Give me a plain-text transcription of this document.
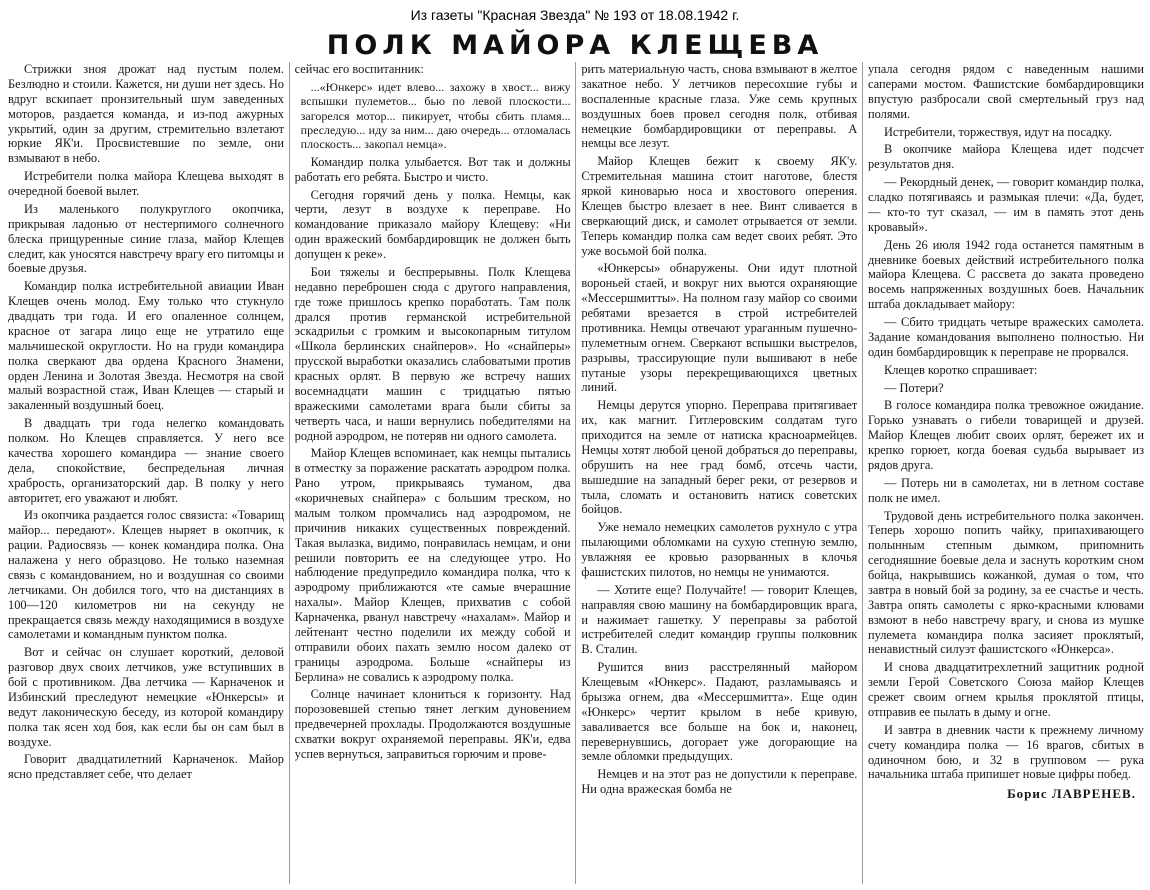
Из газеты "Красная Звезда" № 193 от 18.08.1942 г.
ПОЛК МАЙОРА КЛЕЩЕВА

Стрижки зноя дрожат над пустым полем. Безлюдно и стоили. Кажется, ни души нет здесь. Но вдруг вскипает пронзительный шум заведенных моторов, раздается команда, и из-под ажурных укрытий, один за другим, стремительно взлетают юркие ЯК'и. Просвистевшие по земле, они взмывают в небо.

Истребители полка майора Клещева выходят в очередной боевой вылет.

Из маленького полукруглого окопчика, прикрывая ладонью от нестерпимого солнечного блеска прищуренные синие глаза, майор Клещев следит, как уносятся навстречу врагу его питомцы и боевые друзья.

Командир полка истребительной авиации Иван Клещев очень молод. Ему только что стукнуло двадцать три года. И его опаленное солнцем, красное от загара лицо еще не утратило еще мальчишеской округлости. Но на груди командира полка сверкают два ордена Красного Знамени, орден Ленина и Золотая Звезда. Несмотря на свой малый возрастной стаж, Иван Клещев — старый и закаленный воздушный боец.

В двадцать три года нелегко командовать полком. Но Клещев справляется. У него все качества хорошего командира — знание своего дела, спокойствие, беспредельная личная храбрость, организаторский дар. В полку у него авторитет, его уважают и любят.

Из окопчика раздается голос связиста: «Товарищ майор... передают». Клещев ныряет в окопчик, к рации. Радиосвязь — конек командира полка. Она налажена у него образцово. Не только наземная связь с командованием, но и воздушная со своими летчиками. Он добился того, что на дистанциях в 100—120 километров ни на секунду не прекращается связь между находящимися в воздухе самолетами и командным пунктом полка.

Вот и сейчас он слушает короткий, деловой разговор двух своих летчиков, уже вступивших в бой с противником. Два летчика — Карначенок и Избинский преследуют немецкие «Юнкерсы» и ведут лаконическую беседу, из которой командиру полка так ясен ход боя, как если бы он сам был в воздухе.

Говорит двадцатилетний Карначенок. Майор ясно представляет себе, что делает

сейчас его воспитанник:

...«Юнкерс» идет влево... захожу в хвост... вижу вспышки пулеметов... бью по левой плоскости... загорелся мотор... пикирует, чтобы сбить пламя... преследую... иду за ним... даю очередь... отломалась плоскость... закопал немца».

Командир полка улыбается. Вот так и должны работать его ребята. Быстро и чисто.

Сегодня горячий день у полка. Немцы, как черти, лезут в воздухе к переправе. Но командование приказало майору Клещеву: «Ни один вражеский бомбардировщик не должен быть допущен к реке».

Бои тяжелы и беспрерывны. Полк Клещева недавно переброшен сюда с другого направления, где тоже пришлось крепко поработать. Там полк дрался против германской истребительной эскадрильи с громким и высокопарным титулом «Школа берлинских снайперов». Но «снайперы» прусской выработки оказались слабоватыми против красных орлят. В первую же встречу наших восемнадцати машин с тридцатью пятью вражескими самолетами врага были сбиты за четверть часа, и наши вернулись победителями на родной аэродром, не потеряв ни одного самолета.

Майор Клещев вспоминает, как немцы пытались в отместку за поражение раскатать аэродром полка. Рано утром, прикрываясь туманом, два «коричневых снайпера» с большим треском, но малым толком промчались над аэродромом, не причинив никаких существенных повреждений. Такая вылазка, видимо, понравилась немцам, и они решили повторить ее на следующее утро. Но наблюдение предупредило командира полка, что к аэродрому приближаются «те самые вчерашние нахалы». Майор Клещев, прихватив с собой Карначенка, рванул навстречу «нахалам». Майор и лейтенант честно поделили их между собой и отправили обоих пахать землю носом далеко от границы аэродрома. Больше «снайперы из Берлина» не совались к аэродрому полка.

Солнце начинает клониться к горизонту. Над порозовевшей степью тянет легким дуновением предвечерней прохлады. Продолжаются воздушные схватки вокруг охраняемой переправы. ЯК'и, едва успев вернуться, заправиться горючим и прове-

рить материальную часть, снова взмывают в желтое закатное небо. У летчиков пересохшие губы и воспаленные красные глаза. Уже семь крупных воздушных боев провел сегодня полк, отбивая немецкие бомбардировщики от переправы. А немцы все лезут.

Майор Клещев бежит к своему ЯК'у. Стремительная машина стоит наготове, блестя яркой киноварью носа и хвостового оперения. Клещев быстро влезает в нее. Винт сливается в сверкающий диск, и самолет отрывается от земли. Теперь командир полка сам ведет своих ребят. Это уже восьмой бой полка.

«Юнкерсы» обнаружены. Они идут плотной вороньей стаей, и вокруг них вьются охраняющие «Мессершмитты». На полном газу майор со своими ребятами врезается в строй истребителей противника. Немцы отвечают ураганным пушечно-пулеметным огнем. Сверкают вспышки выстрелов, разрывы, трассирующие пули вышивают в небе путаные узоры перекрещивающихся цветных линий.

Немцы дерутся упорно. Переправа притягивает их, как магнит. Гитлеровским солдатам туго приходится на земле от натиска красноармейцев. Немцы хотят любой ценой добраться до переправы, обрушить на нее град бомб, отсечь части, вышедшие на западный берег реки, от резервов и тыла, сломать и остановить натиск советских бойцов.

Уже немало немецких самолетов рухнуло с утра пылающими обломками на сухую степную землю, увлажняя ее кровью разорванных в клочья фашистских пилотов, но немцы не унимаются.

— Хотите еще? Получайте! — говорит Клещев, направляя свою машину на бомбардировщик врага, и нажимает гашетку. У переправы за работой истребителей следит командир группы полковник В. Сталин.

Рушится вниз расстрелянный майором Клещевым «Юнкерс». Падают, разламываясь и брызжа огнем, два «Мессершмитта». Еще один «Юнкерс» чертит крылом в небе кривую, заваливается все больше на бок и, наконец, перевернувшись, догорает уже догорающие на земле обломки предыдущих.

Немцев и на этот раз не допустили к переправе. Ни одна вражеская бомба не

упала сегодня рядом с наведенным нашими саперами мостом. Фашистские бомбардировщики впустую разбросали свой смертельный груз над полями.

Истребители, торжествуя, идут на посадку.

В окопчике майора Клещева идет подсчет результатов дня.

— Рекордный денек, — говорит командир полка, сладко потягиваясь и размыкая плечи: «Да, будет, — кто-то тут сказал, — им в память этот день кровавый».

День 26 июля 1942 года останется памятным в дневнике боевых действий истребительного полка майора Клещева. С рассвета до заката проведено восемь напряженных воздушных боев. Начальник штаба докладывает майору:

— Сбито тридцать четыре вражеских самолета. Задание командования выполнено полностью. Ни один бомбардировщик к переправе не прорвался.

Клещев коротко спрашивает:

— Потери?

В голосе командира полка тревожное ожидание. Горько узнавать о гибели товарищей и друзей. Майор Клещев любит своих орлят, бережет их и крепко горюет, когда боевая судьба вырывает из рядов друга.

— Потерь ни в самолетах, ни в летном составе полк не имел.

Трудовой день истребительного полка закончен. Теперь хорошо попить чайку, припахивающего полынным степным дымком, припомнить сегодняшние боевые дела и заснуть коротким сном бойца, накрывшись кожанкой, думая о том, что завтра в новый бой за родину, за ее счастье и честь. Завтра опять самолеты с ярко-красными клювами взмоют в небо навстречу врагу, и снова из мушке пулемета командира полка засияет проклятый, ненавистный силуэт фашистского «Юнкерса».

И снова двадцатитрехлетний защитник родной земли Герой Советского Союза майор Клещев срежет своим огнем крылья проклятой птицы, отправив ее пылать в дыму и огне.

И завтра в дневник части к прежнему личному счету командира полка — 16 врагов, сбитых в одиночном бою, и 32 в групповом — рука начальника штаба припишет новые цифры побед.

Борис ЛАВРЕНЕВ.
